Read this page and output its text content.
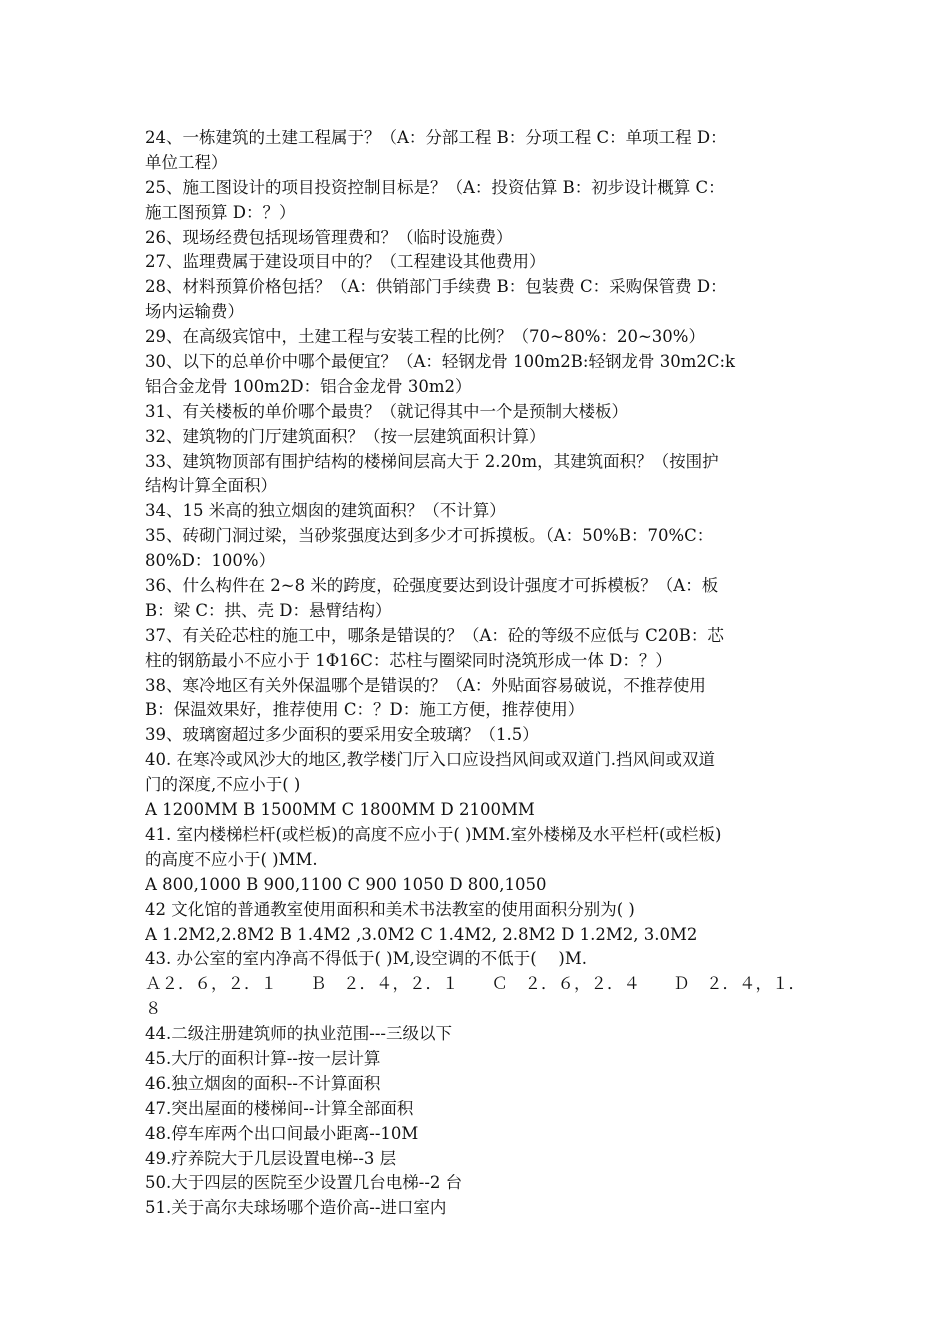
24、一栋建筑的土建工程属于？（A：分部工程 B：分项工程 C：单项工程 D：
单位工程）
25、施工图设计的项目投资控制目标是？（A：投资估算 B：初步设计概算 C：
施工图预算 D：？）
26、现场经费包括现场管理费和？（临时设施费）
27、监理费属于建设项目中的？（工程建设其他费用）
28、材料预算价格包括？（A：供销部门手续费 B：包装费 C：采购保管费 D：
场内运输费）
29、在高级宾馆中，土建工程与安装工程的比例？（70~80%：20~30%）
30、以下的总单价中哪个最便宜？（A：轻钢龙骨 100m2B:轻钢龙骨 30m2C:k
铝合金龙骨 100m2D：铝合金龙骨 30m2）
31、有关楼板的单价哪个最贵？（就记得其中一个是预制大楼板）
32、建筑物的门厅建筑面积？（按一层建筑面积计算）
33、建筑物顶部有围护结构的楼梯间层高大于 2.20m，其建筑面积？（按围护
结构计算全面积）
34、15 米高的独立烟囱的建筑面积？（不计算）
35、砖砌门洞过梁，当砂浆强度达到多少才可拆摸板。（A：50%B：70%C：
80%D：100%）
36、什么构件在 2~8 米的跨度，砼强度要达到设计强度才可拆模板？（A：板
B：梁 C：拱、壳 D：悬臂结构）
37、有关砼芯柱的施工中，哪条是错误的？（A：砼的等级不应低与 C20B：芯
柱的钢筋最小不应小于 1Φ16C：芯柱与圈梁同时浇筑形成一体 D：？）
38、寒冷地区有关外保温哪个是错误的？（A：外贴面容易破说，不推荐使用
B：保温效果好，推荐使用 C：？D：施工方便，推荐使用）
39、玻璃窗超过多少面积的要采用安全玻璃？（1.5）
40. 在寒冷或风沙大的地区,教学楼门厅入口应设挡风间或双道门.挡风间或双道
门的深度,不应小于( )
A 1200MM B 1500MM C 1800MM D 2100MM
41. 室内楼梯栏杆(或栏板)的高度不应小于( )MM.室外楼梯及水平栏杆(或栏板)
的高度不应小于( )MM.
A 800,1000 B 900,1100 C 900 1050 D 800,1050
42 文化馆的普通教室使用面积和美术书法教室的使用面积分别为( )
A 1.2M2,2.8M2 B 1.4M2 ,3.0M2 C 1.4M2, 2.8M2 D 1.2M2, 3.0M2
43. 办公室的室内净高不得低于( )M,设空调的不低于(　 )M.
Ａ２．６，２．１　　Ｂ　２．４，２．１　　Ｃ　２．６，２．４　　Ｄ　２．４，１．
８
44.二级注册建筑师的执业范围---三级以下
45.大厅的面积计算--按一层计算
46.独立烟囱的面积--不计算面积
47.突出屋面的楼梯间--计算全部面积
48.停车库两个出口间最小距离--10M
49.疗养院大于几层设置电梯--3 层
50.大于四层的医院至少设置几台电梯--2 台
51.关于高尔夫球场哪个造价高--进口室内
